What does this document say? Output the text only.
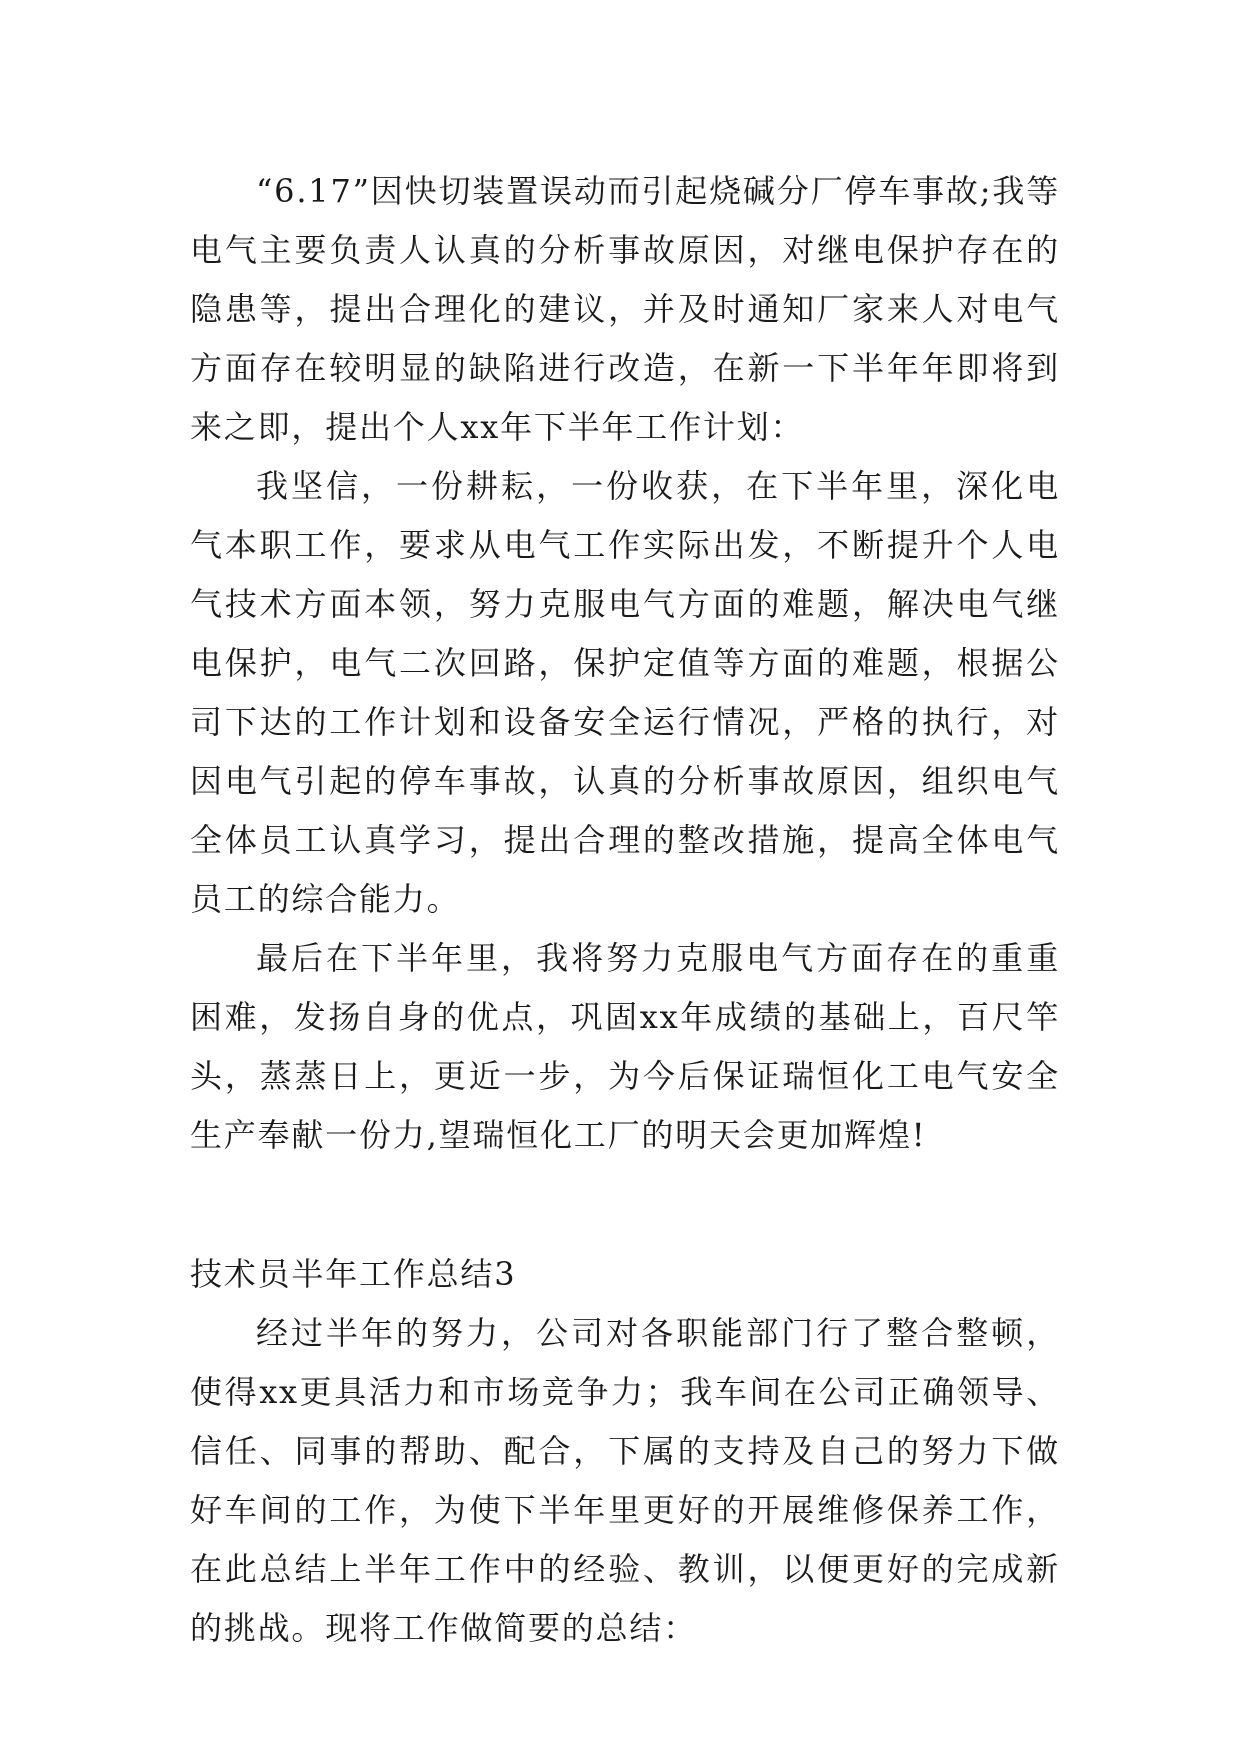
“6.17”因快切装置误动而引起烧碱分厂停车事故;我等电气主要负责人认真的分析事故原因，对继电保护存在的隐患等，提出合理化的建议，并及时通知厂家来人对电气方面存在较明显的缺陷进行改造，在新一下半年年即将到来之即，提出个人xx年下半年工作计划：

我坚信，一份耕耘，一份收获，在下半年里，深化电气本职工作，要求从电气工作实际出发，不断提升个人电气技术方面本领，努力克服电气方面的难题，解决电气继电保护，电气二次回路，保护定值等方面的难题，根据公司下达的工作计划和设备安全运行情况，严格的执行，对因电气引起的停车事故，认真的分析事故原因，组织电气全体员工认真学习，提出合理的整改措施，提高全体电气员工的综合能力。

最后在下半年里，我将努力克服电气方面存在的重重困难，发扬自身的优点，巩固xx年成绩的基础上，百尺竿头，蒸蒸日上，更近一步，为今后保证瑞恒化工电气安全生产奉献一份力,望瑞恒化工厂的明天会更加辉煌!

技术员半年工作总结3

经过半年的努力，公司对各职能部门行了整合整顿，使得xx更具活力和市场竞争力；我车间在公司正确领导、信任、同事的帮助、配合，下属的支持及自己的努力下做好车间的工作，为使下半年里更好的开展维修保养工作，在此总结上半年工作中的经验、教训，以便更好的完成新的挑战。现将工作做简要的总结：
